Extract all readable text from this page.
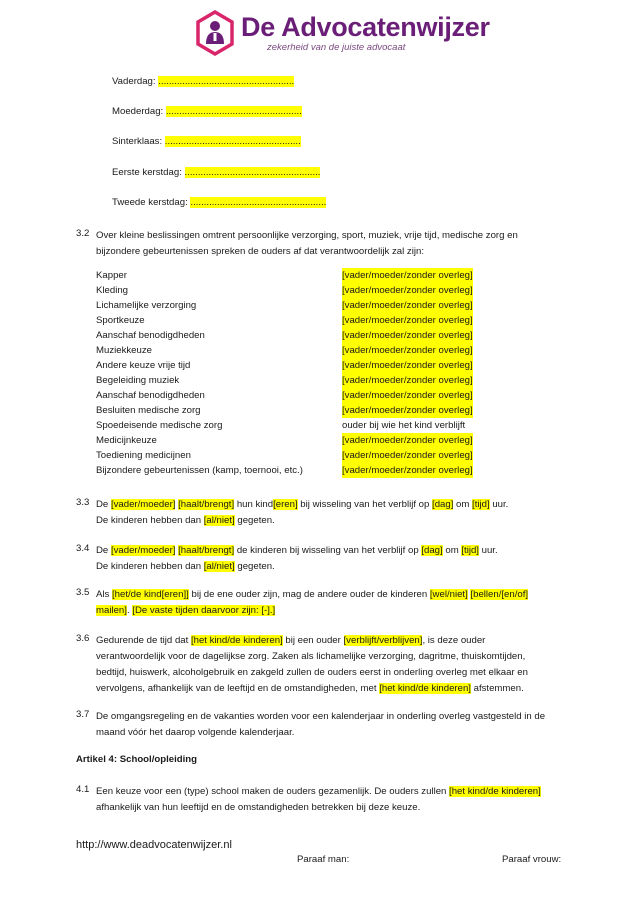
De Advocatenwijzer
zekerheid van de juiste advocaat
Vaderdag: ...................................................
Moederdag: ...................................................
Sinterklaas: ...................................................
Eerste kerstdag: ...................................................
Tweede kerstdag: ...................................................
3.2 Over kleine beslissingen omtrent persoonlijke verzorging, sport, muziek, vrije tijd, medische zorg en

bijzondere gebeurtenissen spreken de ouders af dat verantwoordelijk zal zijn:

Kapper	[vader/moeder/zonder overleg]
Kleding	[vader/moeder/zonder overleg]
Lichamelijke verzorging	[vader/moeder/zonder overleg]
Sportkeuze	[vader/moeder/zonder overleg]
Aanschaf benodigdheden	[vader/moeder/zonder overleg]
Muziekkeuze	[vader/moeder/zonder overleg]
Andere keuze vrije tijd	[vader/moeder/zonder overleg]
Begeleiding muziek	[vader/moeder/zonder overleg]
Aanschaf benodigdheden	[vader/moeder/zonder overleg]
Besluiten medische zorg	[vader/moeder/zonder overleg]
Spoedeisende medische zorg	ouder bij wie het kind verblijft
Medicijnkeuze	[vader/moeder/zonder overleg]
Toediening medicijnen	[vader/moeder/zonder overleg]
Bijzondere gebeurtenissen (kamp, toernooi, etc.)	[vader/moeder/zonder overleg]
3.3 De [vader/moeder] [haalt/brengt] hun kind[eren] bij wisseling van het verblijf op [dag] om [tijd] uur.

De kinderen hebben dan [al/niet] gegeten.

3.4 De [vader/moeder] [haalt/brengt] de kinderen bij wisseling van het verblijf op [dag] om [tijd] uur.

De kinderen hebben dan [al/niet] gegeten.

3.5 Als [het/de kind[eren]] bij de ene ouder zijn, mag de andere ouder de kinderen [wel/niet] [bellen/[en/of]

mailen]. [De vaste tijden daarvoor zijn: [-].]

3.6 Gedurende de tijd dat [het kind/de kinderen] bij een ouder [verblijft/verblijven], is deze ouder

verantwoordelijk voor de dagelijkse zorg. Zaken als lichamelijke verzorging, dagritme, thuiskomtijden,

bedtijd, huiswerk, alcoholgebruik en zakgeld zullen de ouders eerst in onderling overleg met elkaar en

vervolgens, afhankelijk van de leeftijd en de omstandigheden, met [het kind/de kinderen] afstemmen.

3.7 De omgangsregeling en de vakanties worden voor een kalenderjaar in onderling overleg vastgesteld in de

maand vóór het daarop volgende kalenderjaar.

Artikel 4: School/opleiding
4.1 Een keuze voor een (type) school maken de ouders gezamenlijk. De ouders zullen [het kind/de kinderen]

afhankelijk van hun leeftijd en de omstandigheden betrekken bij deze keuze.

http://www.deadvocatenwijzer.nl
Paraaf man:	Paraaf vrouw:
